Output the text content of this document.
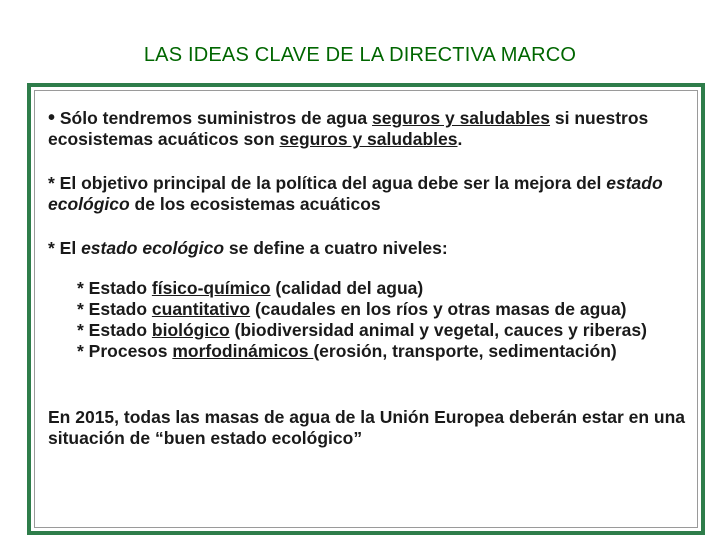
LAS IDEAS CLAVE DE LA DIRECTIVA MARCO

• Sólo tendremos suministros de agua seguros y saludables si nuestros ecosistemas acuáticos son seguros y saludables.

* El objetivo principal de la política del agua debe ser la mejora del estado ecológico de los ecosistemas acuáticos

* El estado ecológico se define a cuatro niveles:

* Estado físico-químico (calidad del agua)

* Estado cuantitativo (caudales en los ríos y otras masas de agua)

* Estado biológico (biodiversidad animal y vegetal, cauces y riberas)

* Procesos morfodinámicos (erosión, transporte, sedimentación)

En 2015, todas las masas de agua de la Unión Europea deberán estar en una situación de “buen estado ecológico”
